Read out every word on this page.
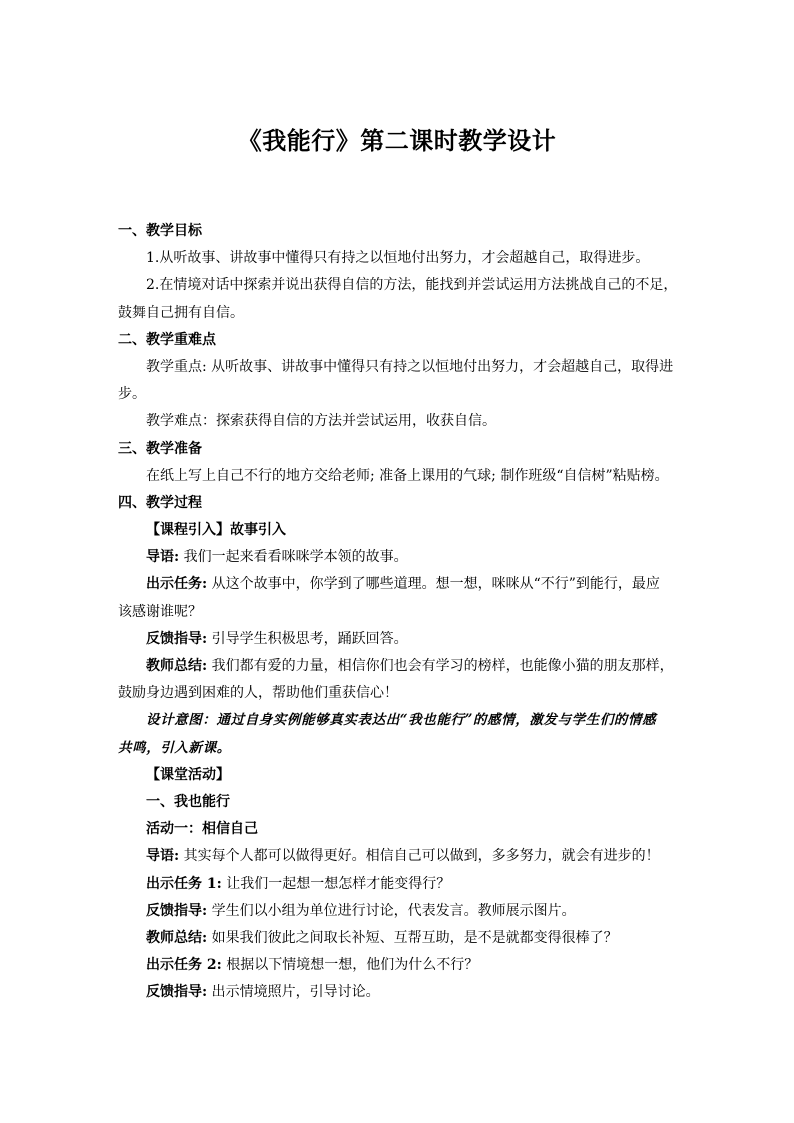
《我能行》第二课时教学设计
一、教学目标
1.从听故事、讲故事中懂得只有持之以恒地付出努力，才会超越自己，取得进步。
2.在情境对话中探索并说出获得自信的方法，能找到并尝试运用方法挑战自己的不足，
鼓舞自己拥有自信。
二、教学重难点
教学重点: 从听故事、讲故事中懂得只有持之以恒地付出努力，才会超越自己，取得进
步。
教学难点：探索获得自信的方法并尝试运用，收获自信。
三、教学准备
在纸上写上自己不行的地方交给老师; 准备上课用的气球; 制作班级“自信树”粘贴榜。
四、教学过程
【课程引入】故事引入
导语: 我们一起来看看咪咪学本领的故事。
出示任务: 从这个故事中，你学到了哪些道理。想一想，咪咪从“不行”到能行，最应
该感谢谁呢？
反馈指导: 引导学生积极思考，踊跃回答。
教师总结: 我们都有爱的力量，相信你们也会有学习的榜样，也能像小猫的朋友那样，
鼓励身边遇到困难的人，帮助他们重获信心！
设计意图：通过自身实例能够真实表达出“我也能行”的感情，激发与学生们的情感
共鸣，引入新课。
【课堂活动】
一、我也能行
活动一：相信自己
导语: 其实每个人都可以做得更好。相信自己可以做到，多多努力，就会有进步的！
出示任务 1: 让我们一起想一想怎样才能变得行？
反馈指导: 学生们以小组为单位进行讨论，代表发言。教师展示图片。
教师总结: 如果我们彼此之间取长补短、互帮互助，是不是就都变得很棒了？
出示任务 2: 根据以下情境想一想，他们为什么不行？
反馈指导: 出示情境照片，引导讨论。
